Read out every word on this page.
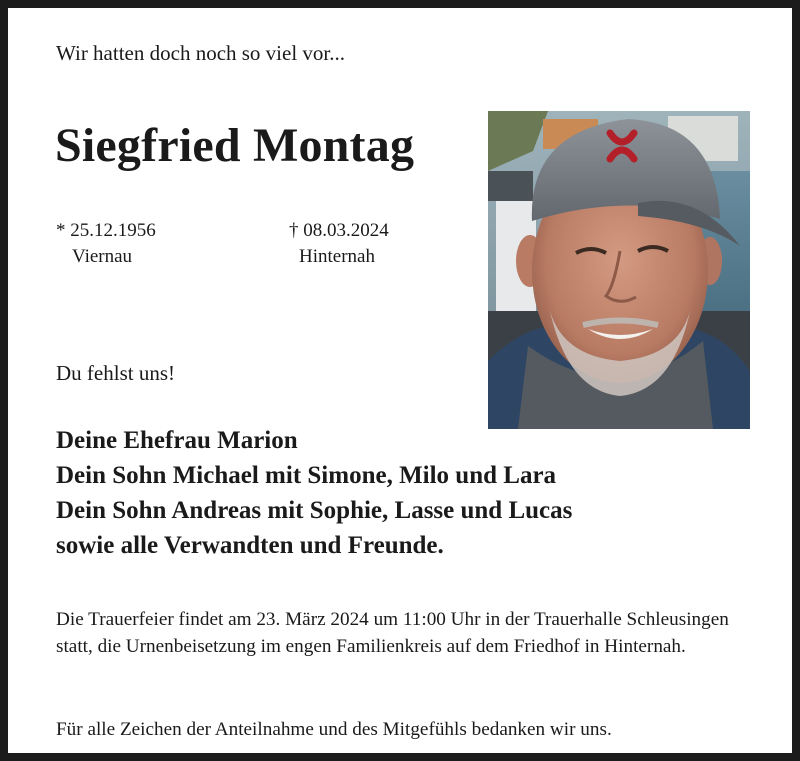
Wir hatten doch noch so viel vor...
Siegfried Montag
* 25.12.1956
Viernau
† 08.03.2024
Hinternah
Du fehlst uns!
Deine Ehefrau Marion
Dein Sohn Michael mit Simone, Milo und Lara
Dein Sohn Andreas mit Sophie, Lasse und Lucas
sowie alle Verwandten und Freunde.

Die Trauerfeier findet am 23. März 2024 um 11:00 Uhr in der Trauerhalle Schleusingen statt, die Urnenbeisetzung im engen Familienkreis auf dem Friedhof in Hinternah.

Für alle Zeichen der Anteilnahme und des Mitgefühls bedanken wir uns.
